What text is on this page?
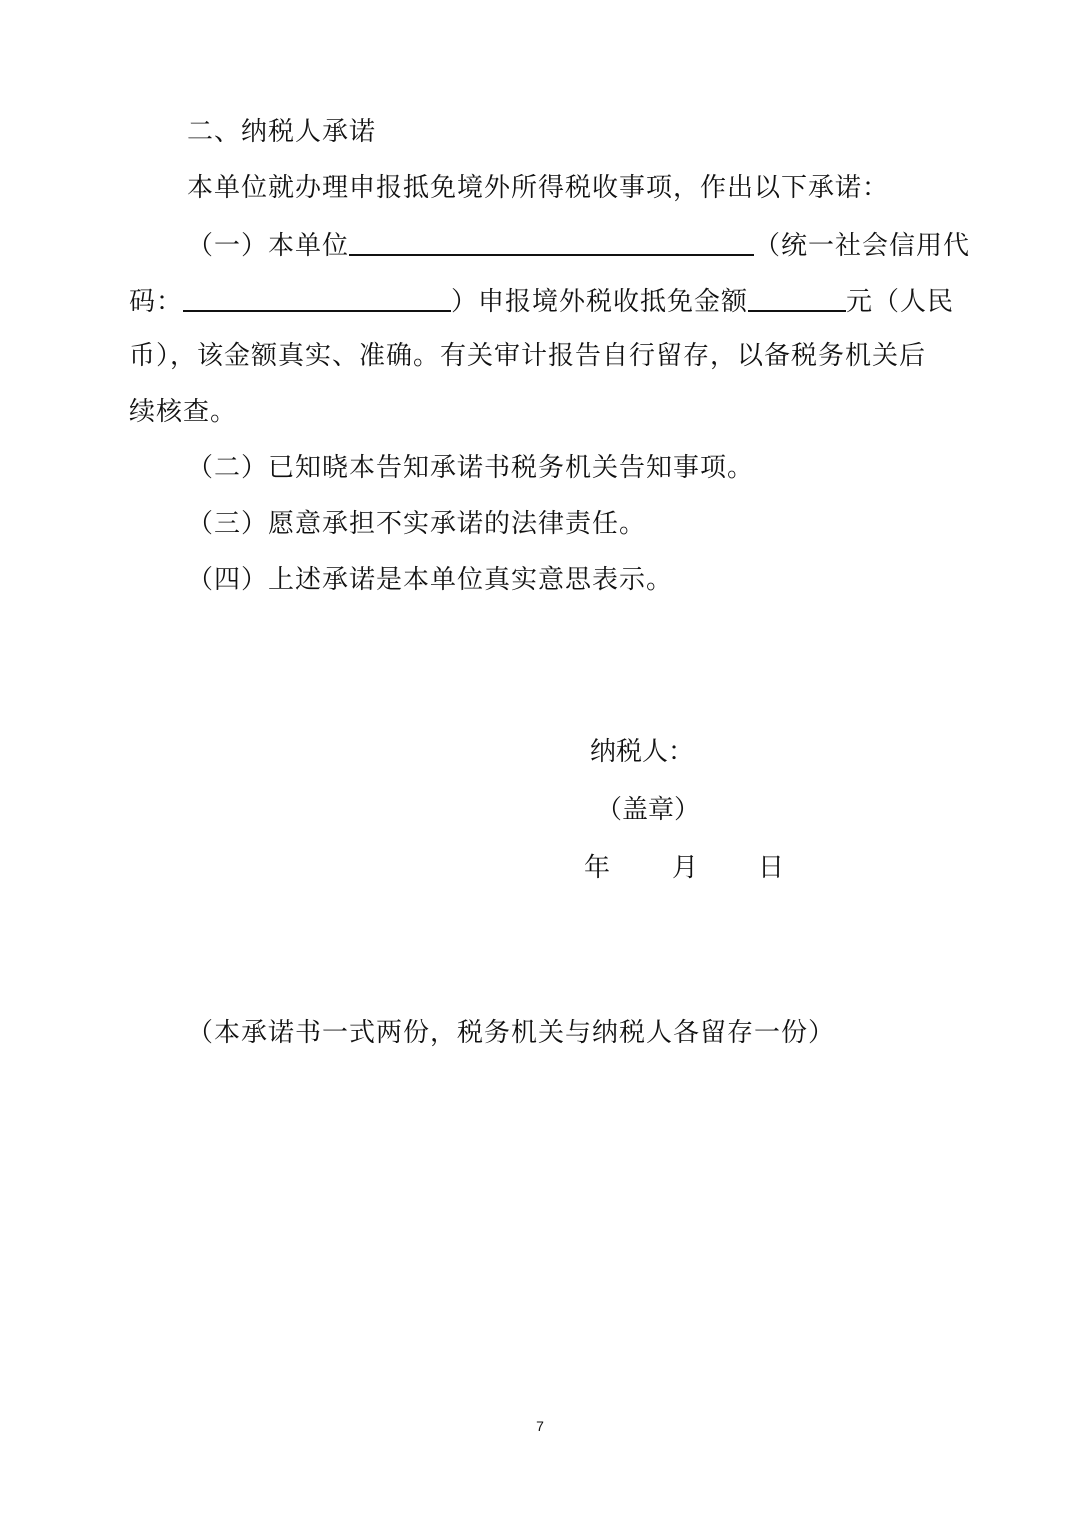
二、纳税人承诺
本单位就办理申报抵免境外所得税收事项，作出以下承诺：
（一）本单位	（统一社会信用代
码：	）申报境外税收抵免金额	元（人民
币），该金额真实、准确。有关审计报告自行留存，以备税务机关后
续核查。
（二）已知晓本告知承诺书税务机关告知事项。
（三）愿意承担不实承诺的法律责任。
（四）上述承诺是本单位真实意思表示。
纳税人：
（盖章）
年 月 日
（本承诺书一式两份，税务机关与纳税人各留存一份）
7
